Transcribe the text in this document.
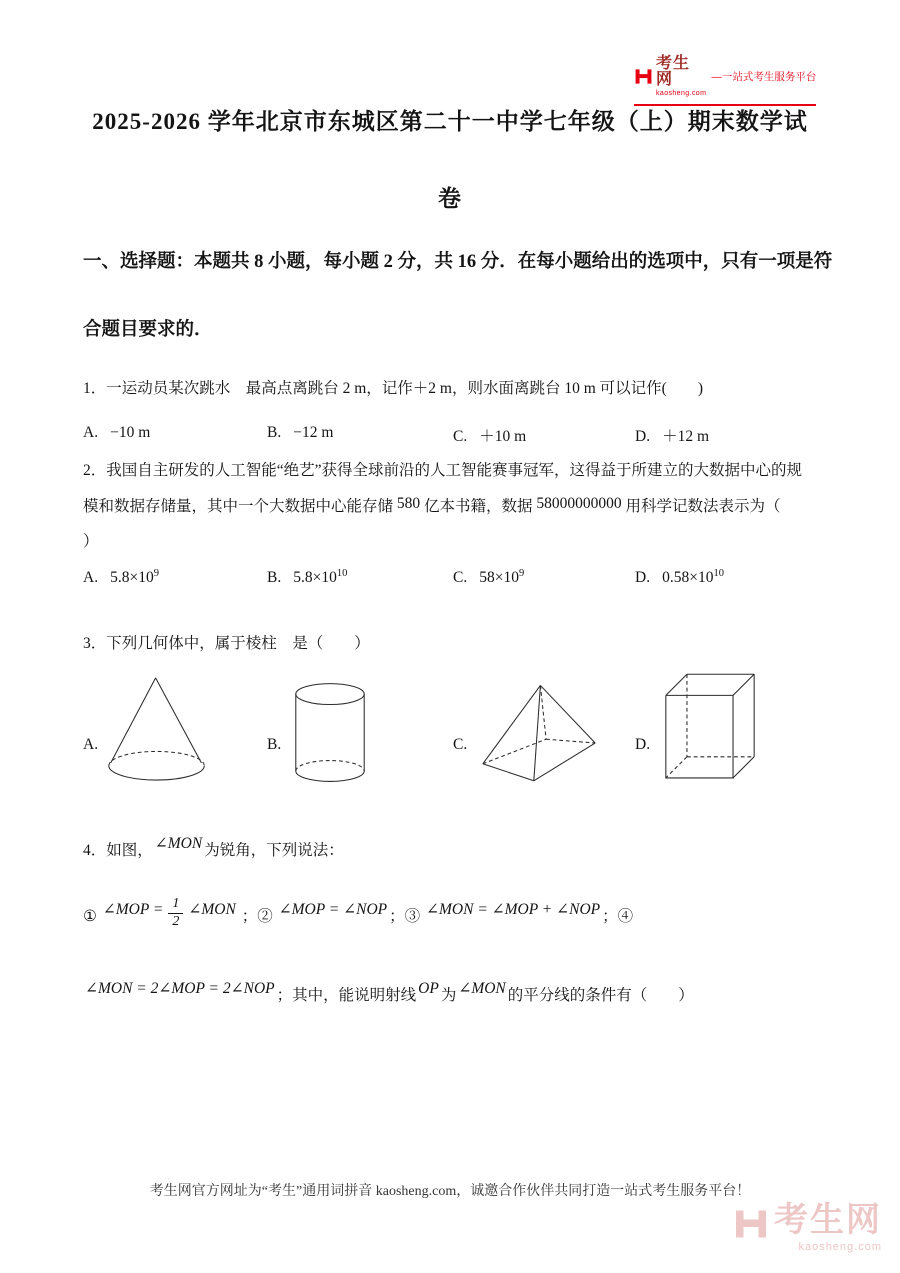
考生网
kaosheng.com
—一站式考生服务平台
2025-2026 学年北京市东城区第二十一中学七年级（上）期末数学试
卷
一、选择题：本题共 8 小题，每小题 2 分，共 16 分．在每小题给出的选项中，只有一项是符
合题目要求的．
1．一运动员某次跳水　最高点离跳台 2 m，记作＋2 m，则水面离跳台 10 m 可以记作(　　)
A. −10 m	B. −12 m	C. ＋10 m	D. ＋12 m
2．我国自主研发的人工智能“绝艺”获得全球前沿的人工智能赛事冠军，这得益于所建立的大数据中心的规
模和数据存储量，其中一个大数据中心能存储 580 亿本书籍，数据 58000000000 用科学记数法表示为（
）
A. $5.8\times 10^9$	B. $5.8\times 10^{10}$	C. $58\times 10^9$	D. $0.58\times 10^{10}$
3．下列几何体中，属于棱柱　是（　　）
A.	B.	C.	D.
4．如图， ∠MON 为锐角，下列说法：
① ∠MOP = $\frac{1}{2}$ ∠MON ；② ∠MOP = ∠NOP ；③ ∠MON = ∠MOP + ∠NOP ；④
∠MON = 2∠MOP = 2∠NOP ；其中，能说明射线 OP 为 ∠MON 的平分线的条件有（　　）
考生网官方网址为“考生”通用词拼音 kaosheng.com，诚邀合作伙伴共同打造一站式考生服务平台！
考生网
kaosheng.com
